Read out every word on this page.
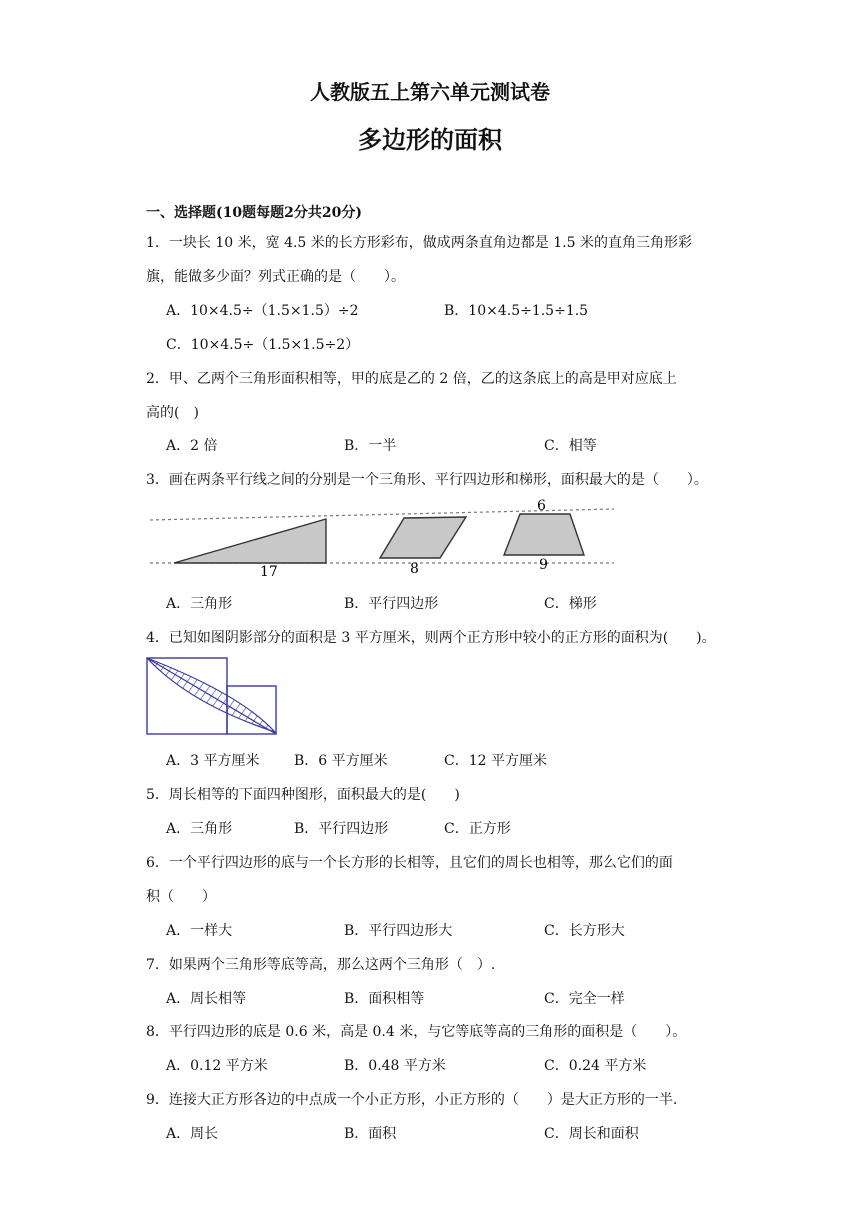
人教版五上第六单元测试卷
多边形的面积
一、选择题(10题每题2分共20分)
1．一块长 10 米，宽 4.5 米的长方形彩布，做成两条直角边都是 1.5 米的直角三角形彩
旗，能做多少面？列式正确的是（　　）。
A．10×4.5÷（1.5×1.5）÷2	B．10×4.5÷1.5÷1.5
C．10×4.5÷（1.5×1.5÷2）
2．甲、乙两个三角形面积相等，甲的底是乙的 2 倍，乙的这条底上的高是甲对应底上
高的(　)
A．2 倍	B．一半	C．相等
3．画在两条平行线之间的分别是一个三角形、平行四边形和梯形，面积最大的是（　　）。
17	8
6
9
A．三角形	B．平行四边形	C．梯形
4．已知如图阴影部分的面积是 3 平方厘米，则两个正方形中较小的正方形的面积为(　　)。
A．3 平方厘米 B．6 平方厘米	C．12 平方厘米
5．周长相等的下面四种图形，面积最大的是(　　)
A．三角形	B．平行四边形	C．正方形
6．一个平行四边形的底与一个长方形的长相等，且它们的周长也相等，那么它们的面
积（　　）
A．一样大	B．平行四边形大	C．长方形大
7．如果两个三角形等底等高，那么这两个三角形（　）.
A．周长相等	B．面积相等	C．完全一样
8．平行四边形的底是 0.6 米，高是 0.4 米，与它等底等高的三角形的面积是（　　）。
A．0.12 平方米	B．0.48 平方米	C．0.24 平方米
9．连接大正方形各边的中点成一个小正方形，小正方形的（　　）是大正方形的一半.
A．周长	B．面积	C．周长和面积
